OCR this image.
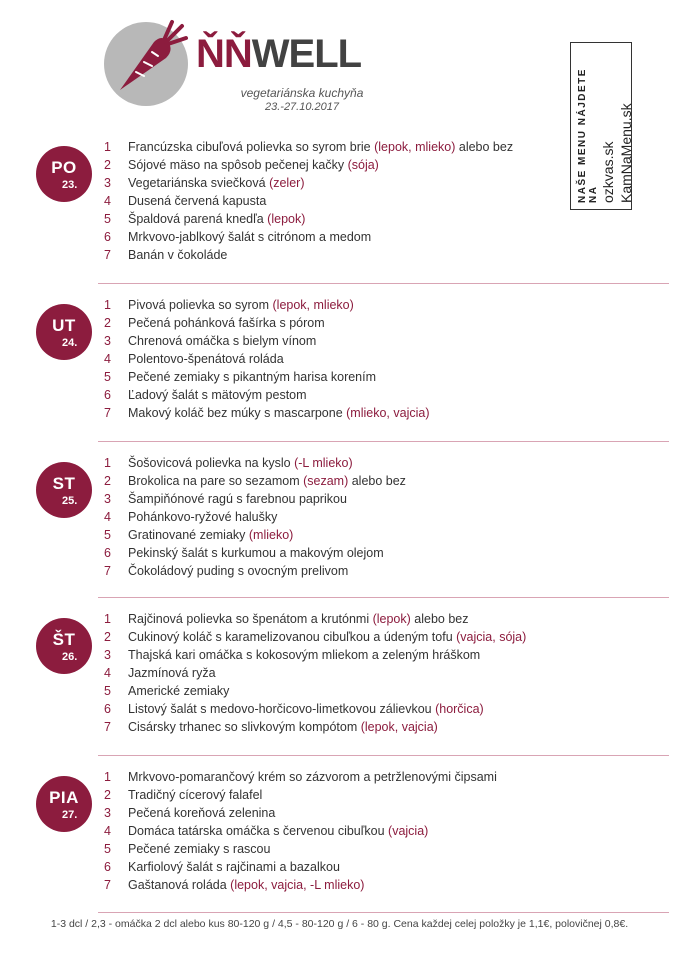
ŇŇWELL
vegetariánska kuchyňa
23.-27.10.2017	NAŠE MENU NÁJDETE NA ozkvas.sk KamNaMenu.sk
PO
23.
1 Francúzska cibuľová polievka so syrom brie (lepok, mlieko) alebo bez
2 Sójové mäso na spôsob pečenej kačky (sója)
3 Vegetariánska sviečková (zeler)
4 Dusená červená kapusta
5 Špaldová parená knedľa (lepok)
6 Mrkvovo-jablkový šalát s citrónom a medom
7 Banán v čokoláde
UT
24.
1 Pivová polievka so syrom (lepok, mlieko)
2 Pečená pohánková fašírka s pórom
3 Chrenová omáčka s bielym vínom
4 Polentovo-špenátová roláda
5 Pečené zemiaky s pikantným harisa korením
6 Ľadový šalát s mätovým pestom
7 Makový koláč bez múky s mascarpone (mlieko, vajcia)
ST
25.
1 Šošovicová polievka na kyslo (-L mlieko)
2 Brokolica na pare so sezamom (sezam) alebo bez
3 Šampiňónové ragú s farebnou paprikou
4 Pohánkovo-ryžové halušky
5 Gratinované zemiaky (mlieko)
6 Pekinský šalát s kurkumou a makovým olejom
7 Čokoládový puding s ovocným prelivom
ŠT
26.
1 Rajčinová polievka so špenátom a krutónmi (lepok) alebo bez
2 Cukinový koláč s karamelizovanou cibuľkou a údeným tofu (vajcia, sója)
3 Thajská kari omáčka s kokosovým mliekom a zeleným hráškom
4 Jazmínová ryža
5 Americké zemiaky
6 Listový šalát s medovo-horčicovo-limetkovou zálievkou (horčica)
7 Cisársky trhanec so slivkovým kompótom (lepok, vajcia)
PIA
27.
1 Mrkvovo-pomarančový krém so zázvorom a petržlenovými čipsami
2 Tradičný cícerový falafel
3 Pečená koreňová zelenina
4 Domáca tatárska omáčka s červenou cibuľkou (vajcia)
5 Pečené zemiaky s rascou
6 Karfiolový šalát s rajčinami a bazalkou
7 Gaštanová roláda (lepok, vajcia, -L mlieko)
1-3 dcl / 2,3 - omáčka 2 dcl alebo kus 80-120 g / 4,5 - 80-120 g / 6 - 80 g. Cena každej celej položky je 1,1€, polovičnej 0,8€.
